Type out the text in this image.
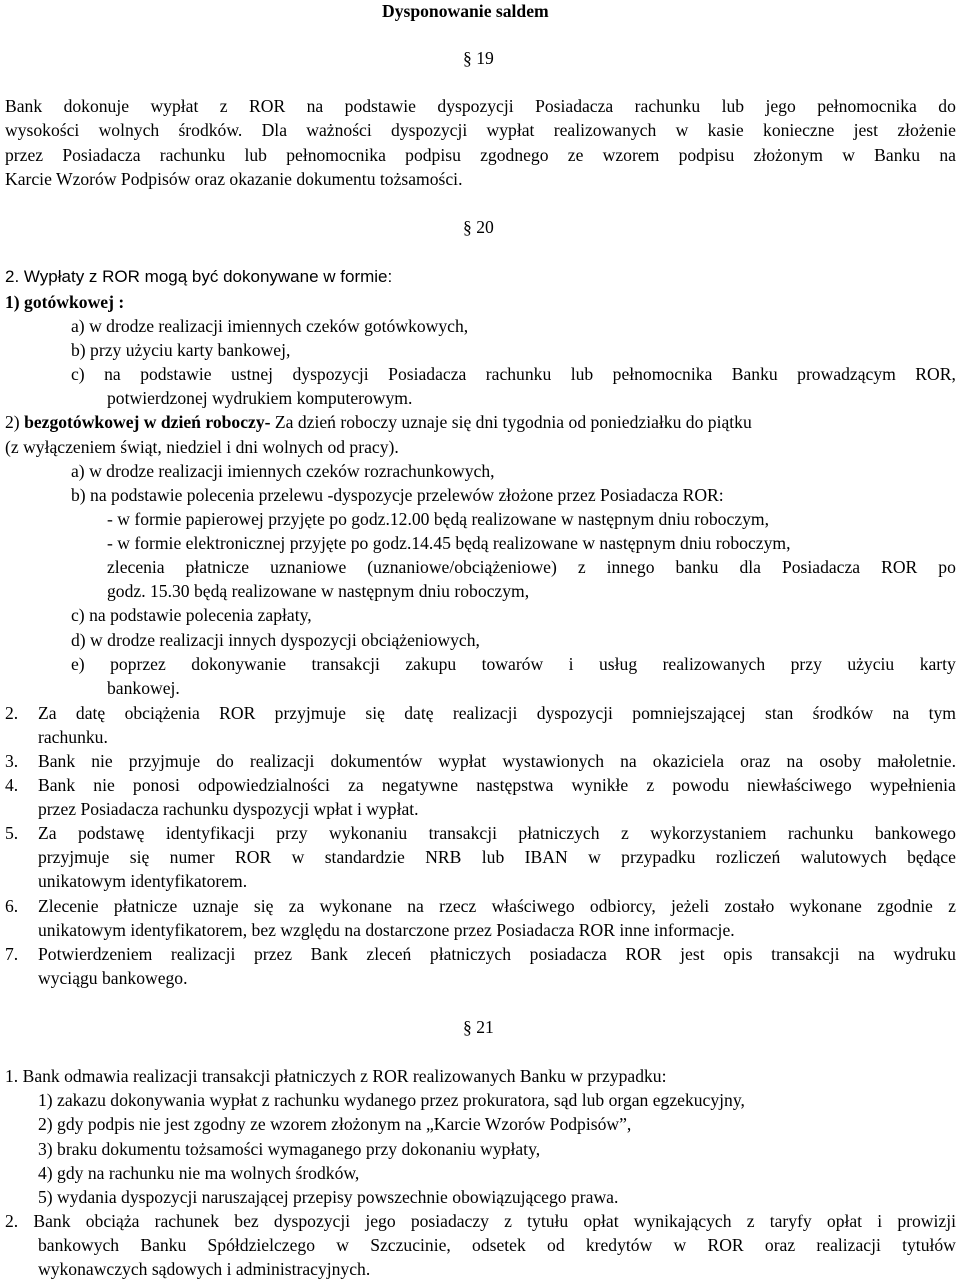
Dysponowanie saldem
§ 19
Bank dokonuje wypłat z ROR na podstawie dyspozycji Posiadacza rachunku lub jego pełnomocnika do
wysokości wolnych środków. Dla ważności dyspozycji wypłat realizowanych w kasie konieczne jest złożenie
przez Posiadacza rachunku lub pełnomocnika podpisu zgodnego ze wzorem podpisu złożonym w Banku na
Karcie Wzorów Podpisów oraz okazanie dokumentu tożsamości.
§ 20
2. Wypłaty z ROR mogą być dokonywane w formie:
1) gotówkowej :
a) w drodze realizacji imiennych czeków gotówkowych,
b) przy użyciu karty bankowej,
c) na podstawie ustnej dyspozycji Posiadacza rachunku lub pełnomocnika Banku prowadzącym ROR,
potwierdzonej wydrukiem komputerowym.
2) bezgotówkowej w dzień roboczy- Za dzień roboczy uznaje się dni tygodnia od poniedziałku do piątku
(z wyłączeniem świąt, niedziel i dni wolnych od pracy).
a) w drodze realizacji imiennych czeków rozrachunkowych,
b) na podstawie polecenia przelewu -dyspozycje przelewów złożone przez Posiadacza ROR:
- w formie papierowej przyjęte po godz.12.00 będą realizowane w następnym dniu roboczym,
- w formie elektronicznej przyjęte po godz.14.45 będą realizowane w następnym dniu roboczym,
zlecenia płatnicze uznaniowe (uznaniowe/obciążeniowe) z innego banku dla Posiadacza ROR po
godz. 15.30 będą realizowane w następnym dniu roboczym,
c) na podstawie polecenia zapłaty,
d) w drodze realizacji innych dyspozycji obciążeniowych,
e) poprzez dokonywanie transakcji zakupu towarów i usług realizowanych przy użyciu karty
bankowej.
2. Za datę obciążenia ROR przyjmuje się datę realizacji dyspozycji pomniejszającej stan środków na tym
rachunku.
3. Bank nie przyjmuje do realizacji dokumentów wypłat wystawionych na okaziciela oraz na osoby małoletnie.
4. Bank nie ponosi odpowiedzialności za negatywne następstwa wynikłe z powodu niewłaściwego wypełnienia
przez Posiadacza rachunku dyspozycji wpłat i wypłat.
5. Za podstawę identyfikacji przy wykonaniu transakcji płatniczych z wykorzystaniem rachunku bankowego
przyjmuje się numer ROR w standardzie NRB lub IBAN w przypadku rozliczeń walutowych będące
unikatowym identyfikatorem.
6. Zlecenie płatnicze uznaje się za wykonane na rzecz właściwego odbiorcy, jeżeli zostało wykonane zgodnie z
unikatowym identyfikatorem, bez względu na dostarczone przez Posiadacza ROR inne informacje.
7. Potwierdzeniem realizacji przez Bank zleceń płatniczych posiadacza ROR jest opis transakcji na wydruku
wyciągu bankowego.
§ 21
1. Bank odmawia realizacji transakcji płatniczych z ROR realizowanych Banku w przypadku:
1) zakazu dokonywania wypłat z rachunku wydanego przez prokuratora, sąd lub organ egzekucyjny,
2) gdy podpis nie jest zgodny ze wzorem złożonym na „Karcie Wzorów Podpisów”,
3) braku dokumentu tożsamości wymaganego przy dokonaniu wypłaty,
4) gdy na rachunku nie ma wolnych środków,
5) wydania dyspozycji naruszającej przepisy powszechnie obowiązującego prawa.
2. Bank obciąża rachunek bez dyspozycji jego posiadaczy z tytułu opłat wynikających z taryfy opłat i prowizji
bankowych Banku Spółdzielczego w Szczucinie, odsetek od kredytów w ROR oraz realizacji tytułów
wykonawczych sądowych i administracyjnych.
